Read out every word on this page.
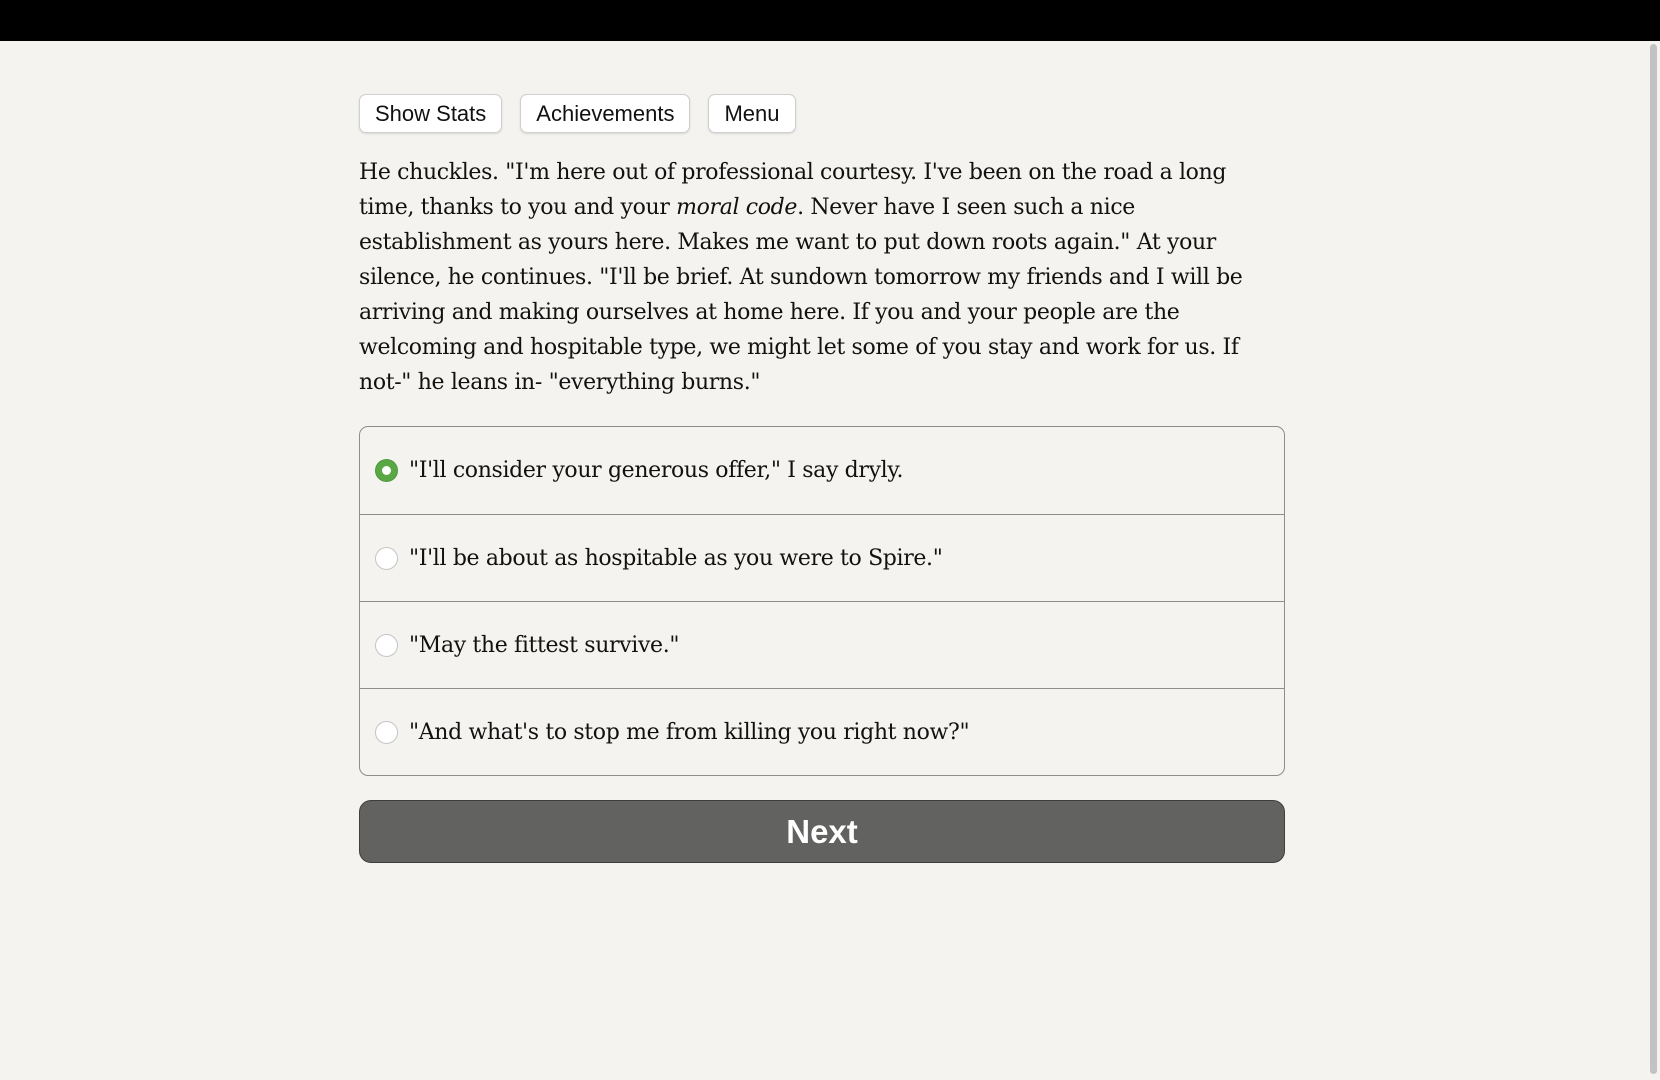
Show Stats	Achievements	Menu
He chuckles. "I'm here out of professional courtesy. I've been on the road a long time, thanks to you and your moral code. Never have I seen such a nice establishment as yours here. Makes me want to put down roots again." At your silence, he continues. "I'll be brief. At sundown tomorrow my friends and I will be arriving and making ourselves at home here. If you and your people are the welcoming and hospitable type, we might let some of you stay and work for us. If not-" he leans in- "everything burns."
"I'll consider your generous offer," I say dryly.
"I'll be about as hospitable as you were to Spire."
"May the fittest survive."
"And what's to stop me from killing you right now?"
Next
